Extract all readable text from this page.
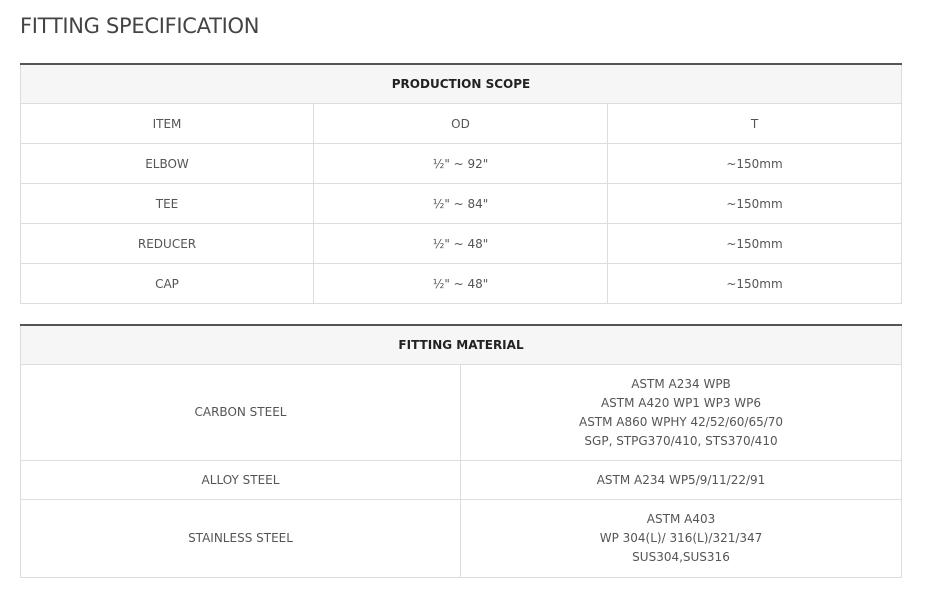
FITTING SPECIFICATION
PRODUCTION SCOPE		
ITEM	OD	T
ELBOW	½" ~ 92"	~150mm
TEE	½" ~ 84"	~150mm
REDUCER	½" ~ 48"	~150mm
CAP	½" ~ 48"	~150mm
FITTING MATERIAL	
CARBON STEEL	ASTM A234 WPB
ASTM A420 WP1 WP3 WP6
ASTM A860 WPHY 42/52/60/65/70
SGP, STPG370/410, STS370/410

ALLOY STEEL	ASTM A234 WP5/9/11/22/91

STAINLESS STEEL	ASTM A403
WP 304(L)/ 316(L)/321/347
SUS304,SUS316
